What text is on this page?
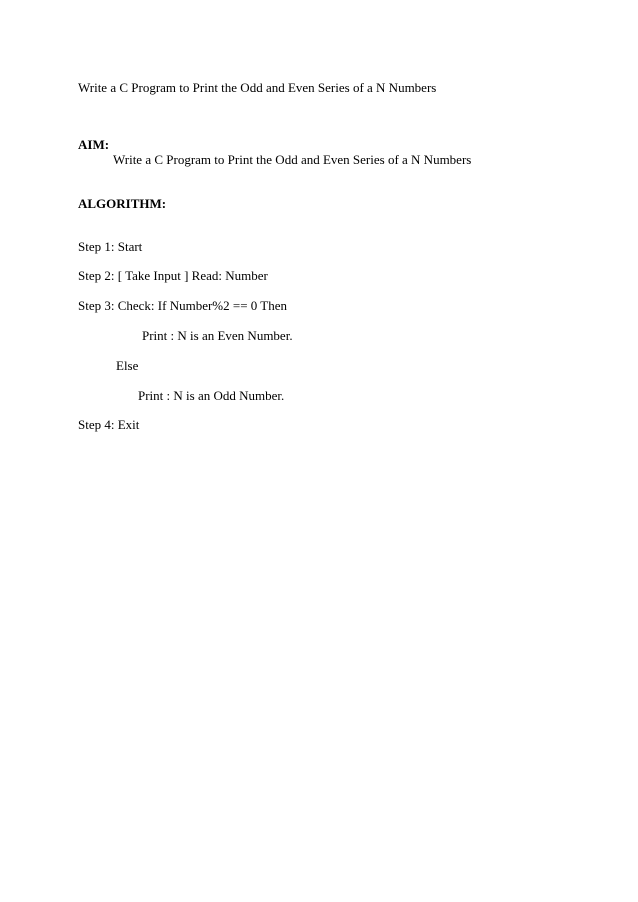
Write a C Program to Print the Odd and Even Series of a N Numbers
AIM:
Write a C Program to Print the Odd and Even Series of a N Numbers
ALGORITHM:
Step 1: Start
Step 2: [ Take Input ] Read: Number
Step 3: Check: If Number%2 == 0 Then
Print : N is an Even Number.
Else
Print : N is an Odd Number.
Step 4: Exit
